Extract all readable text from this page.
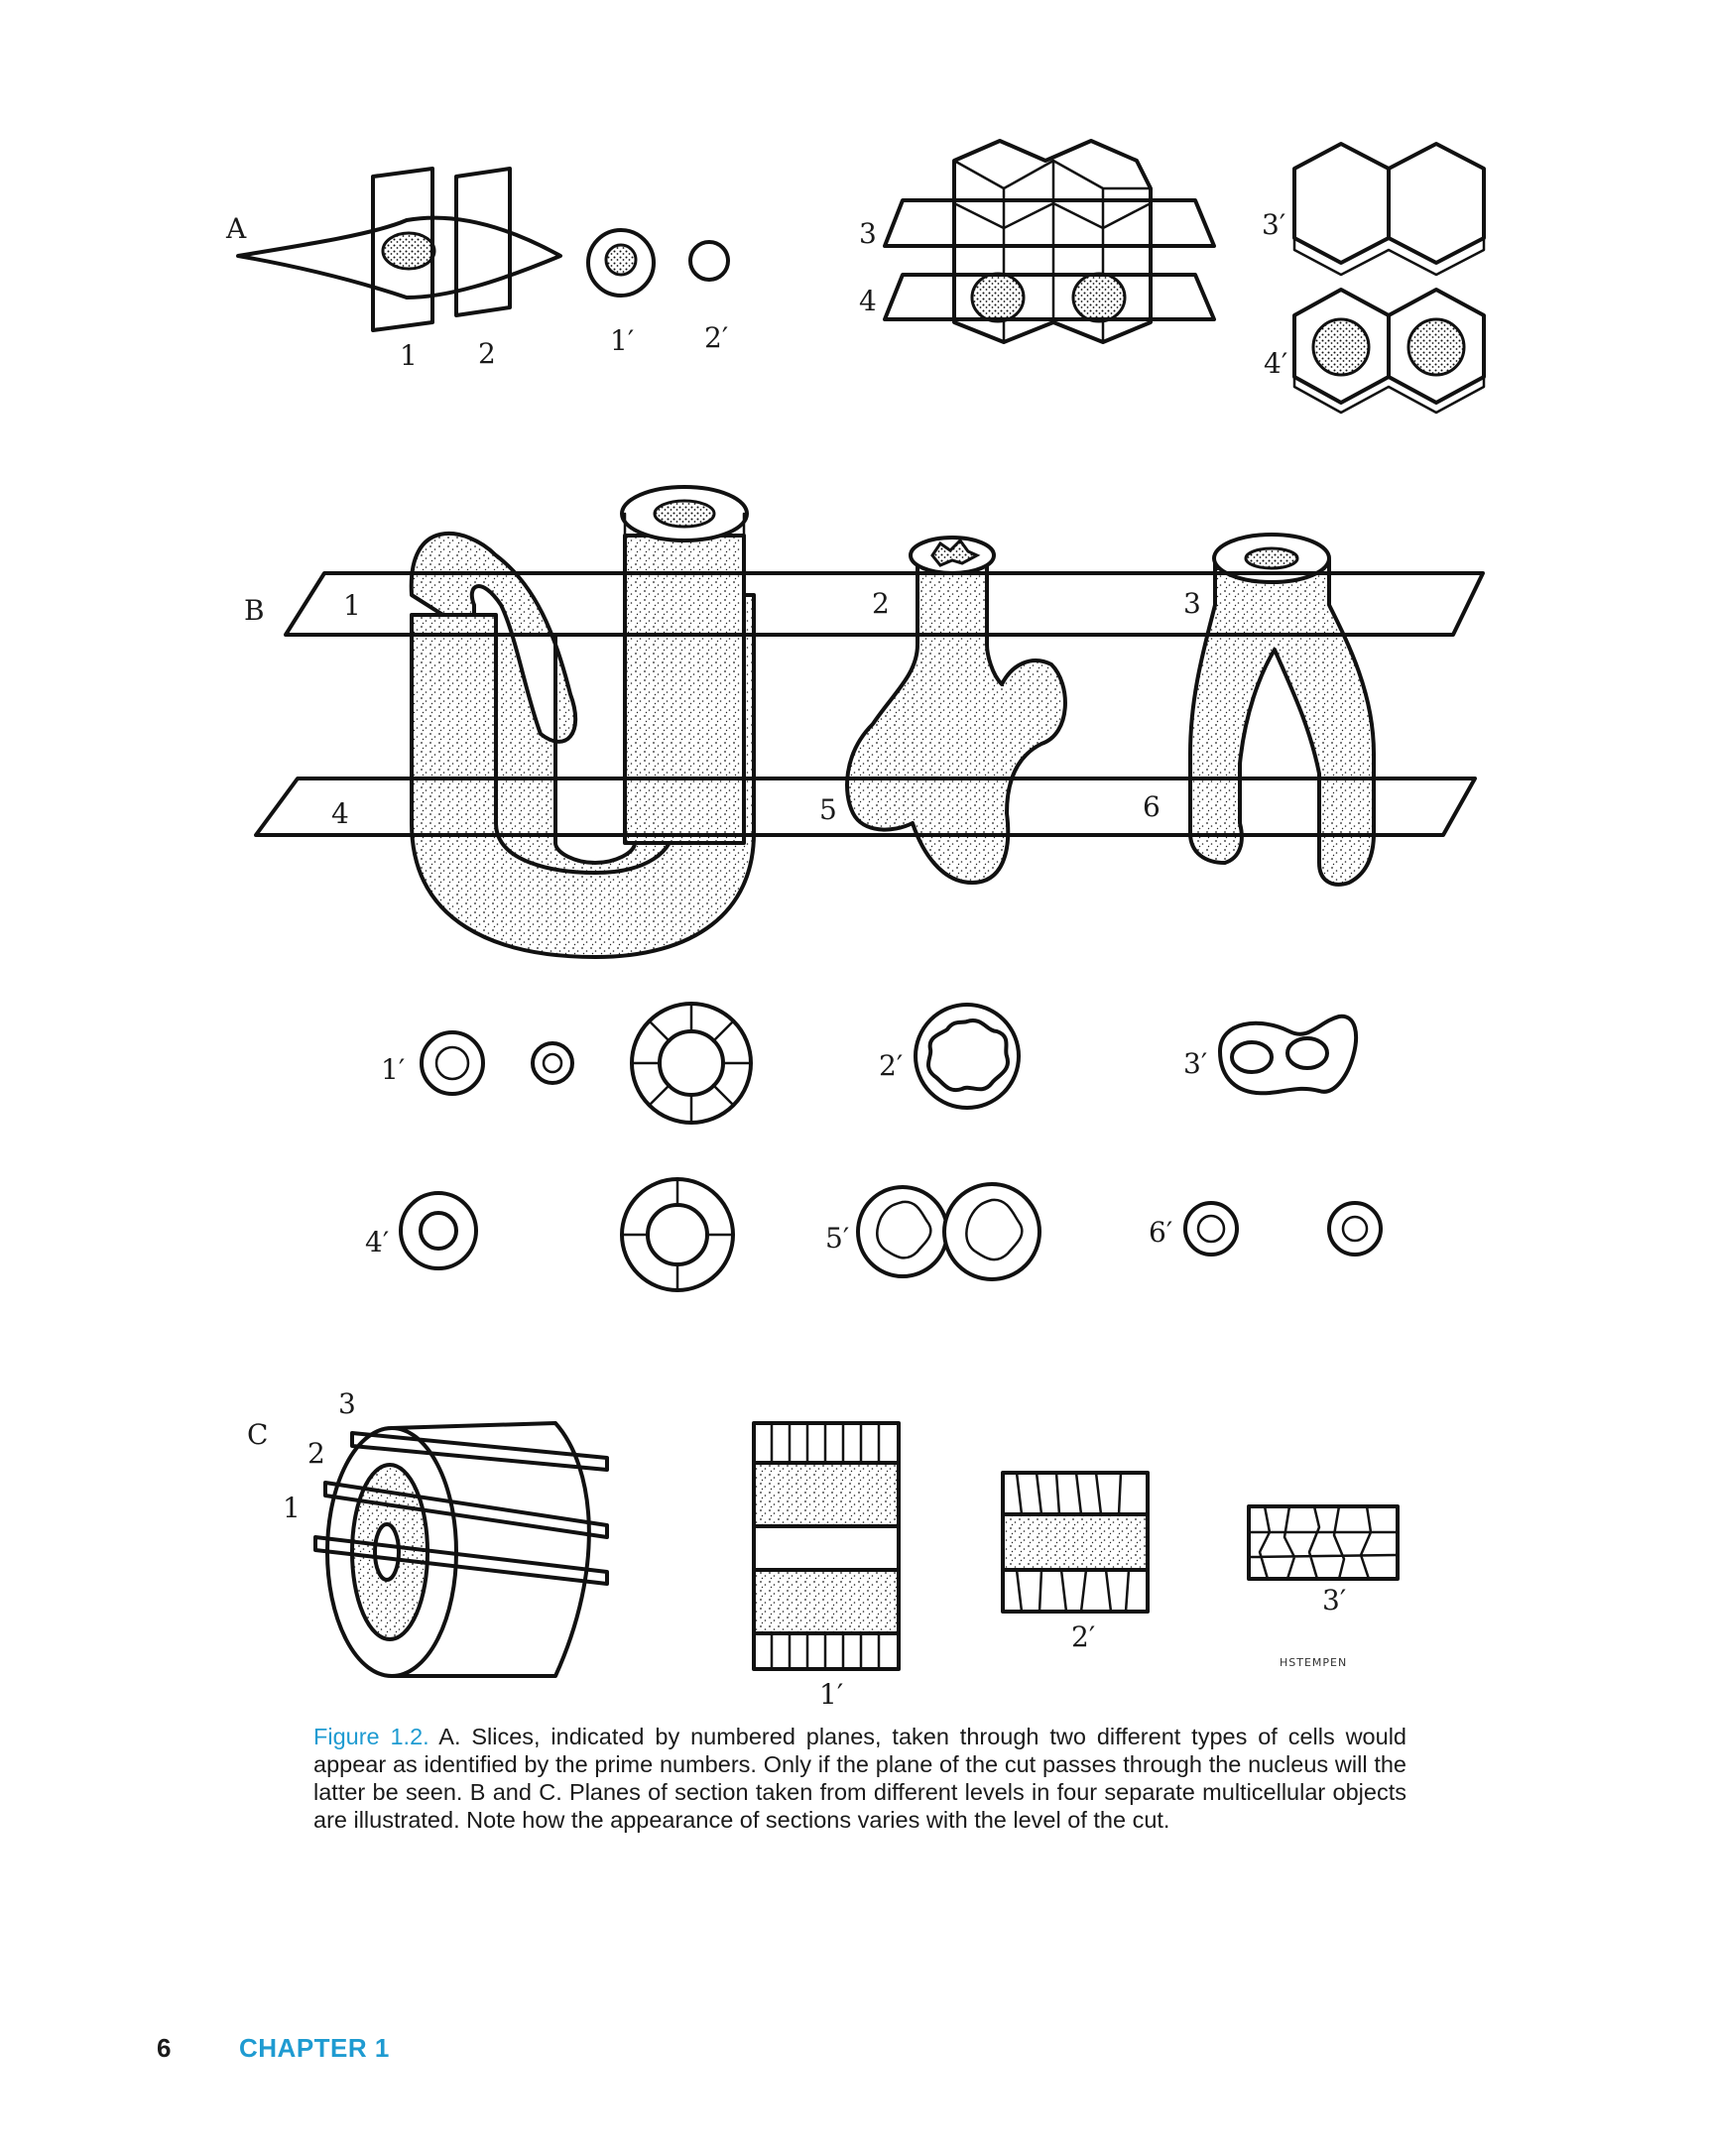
A
1 2	1′	2′
3
4
3′
4′
B	1	2	3
4	5	6
1′	2′	3′
4′	5′	6′
C
3
2
1
1′
2′
3′
HSTEMPEN

Figure 1.2. A. Slices, indicated by numbered planes, taken through two different types of cells would appear as identified by the prime numbers. Only if the plane of the cut passes through the nucleus will the latter be seen. B and C. Planes of section taken from different levels in four separate multicellular objects are illustrated. Note how the appearance of sections varies with the level of the cut.

6	CHAPTER 1
